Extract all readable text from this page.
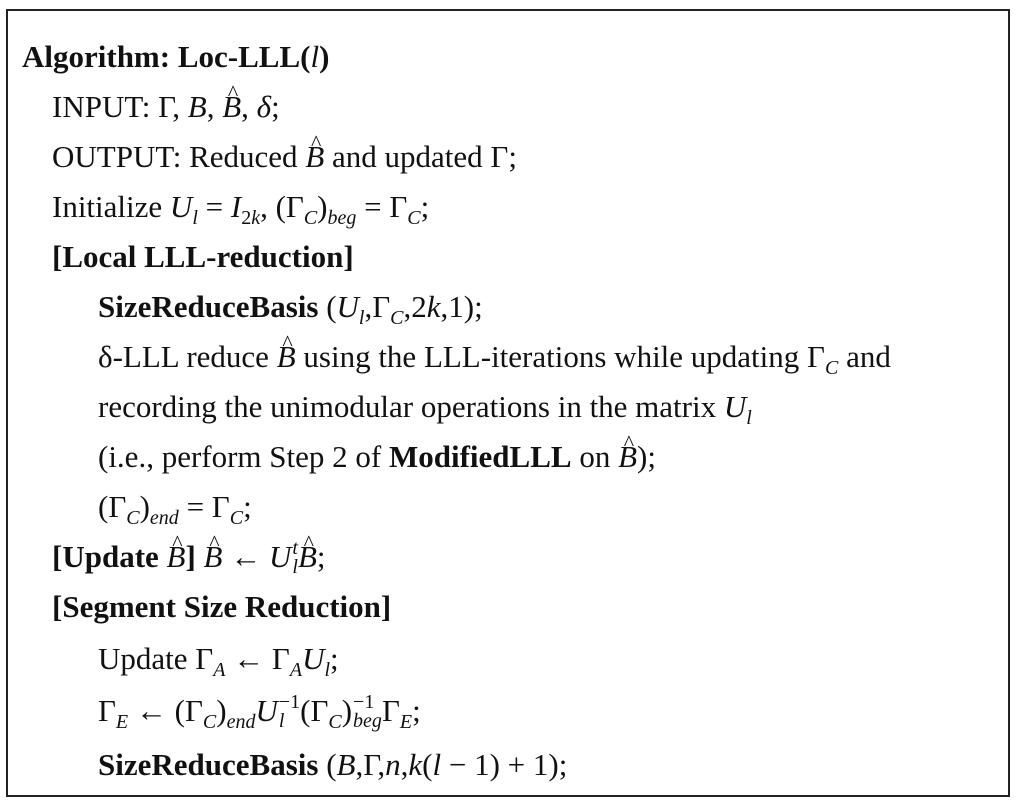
Algorithm: Loc-LLL(l)
INPUT: Γ, B, ^ B, δ;
OUTPUT: Reduced ^ B and updated Γ;
Initialize $U_l = I_{2k}$, $(\Gamma_C)_{beg} = \Gamma_C$;
[Local LLL-reduction]
SizeReduceBasis $(U_l,\Gamma_C,2k,1)$;
δ-LLL reduce ^ B using the LLL-iterations while updating $\Gamma_C$ and
recording the unimodular operations in the matrix $U_l$
(i.e., perform Step 2 of ModifiedLLL on ^ B);
$(\Gamma_C)_{end} = \Gamma_C$;
[Update ^ B] ^ B ← U t
l ^ B;
[Segment Size Reduction]
Update $\Gamma_A$ ← $\Gamma_AU_l$;
$\Gamma_E$ ← $(\Gamma_C)_{end}U -1$
l $(\Gamma_C) -1$
beg $\Gamma_E$;
SizeReduceBasis (B,Γ,n,k(l − 1) + 1);
